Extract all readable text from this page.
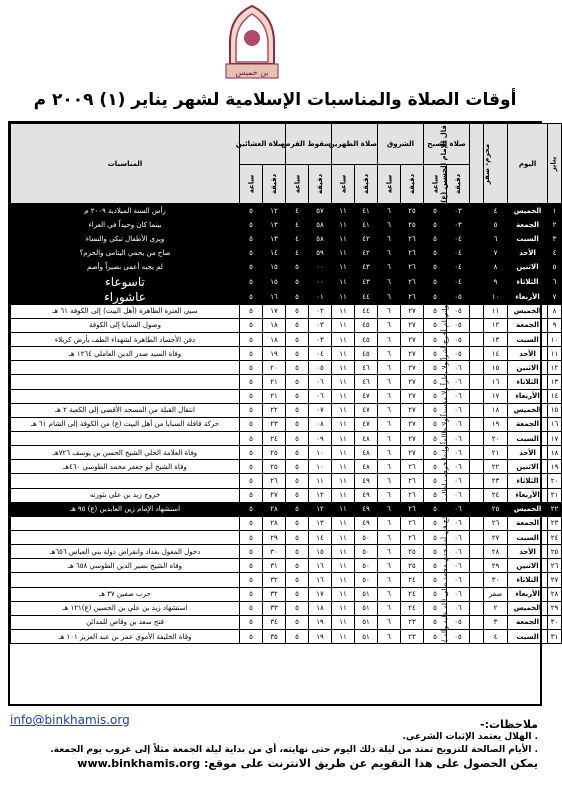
بن خميس
أوقات الصلاة والمناسبات الإسلامية لشهر يناير (١) ٢٠٠٩ م
يناير	اليوم	محرم- صفر	قال الإمام الحسين (ع)	صلاة الصبح		الشروق		صلاة الظهرين		سقوط القرص		صلاة العشائين		المناسبات
				دقيقة	ساعة	دقيقة	ساعة	دقيقة	ساعة	دقيقة	ساعة	دقيقة	ساعة	
١	الخميس	٤		٠٣	٥	٢٥	٦	٤١	١١	٥٧	٤	١٢	٥	رأس السنة الميلادية ٢٠٠٩ م
٢	الجمعة	٥		٠٣	٥	٢٥	٦	٤١	١١	٥٨	٤	١٣	٥	بينما كان وحيداً في العراء
٣	السبت	٦		٠٤	٥	٢٦	٦	٤٢	١١	٥٨	٤	١٣	٥	ويرى الأطفال تبكي والنساء
٤	الأحد	٧		٠٤	٥	٢٦	٦	٤٢	١١	٥٩	٤	١٤	٥	صاح من يحمي اليتامى والحرم؟
٥	الاثنين	٨		٠٤	٥	٢٦	٦	٤٣	١١	٠٠	٥	١٥	٥	لم يجبه أعمى بصيراً وأصم
٦	الثلاثاء	٩		٠٤	٥	٢٦	٦	٤٣	١١	٠٠	٥	١٥	٥	تاسوعاء
٧	الأربعاء	١٠		٠٥	٥	٢٦	٦	٤٤	١١	٠١	٥	١٦	٥	عاشوراء
٨	الخميس	١١		٠٥	٥	٢٧	٦	٤٤	١١	٠٢	٥	١٧	٥	سبي العترة الطاهرة (أهل البيت) إلى الكوفة ٦١ هـ
٩	الجمعة	١٢		٠٥	٥	٢٧	٦	٤٥	١١	٠٣	٥	١٨	٥	وصول السبايا إلى الكوفة
١٠	السبت	١٣		٠٥	٥	٢٧	٦	٤٥	١١	٠٣	٥	١٨	٥	دفن الأجساد الطاهرة لشهداء الطف بأرض كربلاء
١١	الأحد	١٤		٠٥	٥	٢٧	٦	٤٥	١١	٠٤	٥	١٩	٥	وفاة السيد صدر الدين العاملي ١٢٦٤ هـ
١٢	الاثنين	١٥		٠٦	٥	٢٧	٦	٤٦	١١	٠٥	٥	٢٠	٥	
١٣	الثلاثاء	١٦		٠٦	٥	٢٧	٦	٤٦	١١	٠٦	٥	٢١	٥	
١٤	الأربعاء	١٧		٠٦	٥	٢٧	٦	٤٧	١١	٠٦	٥	٢١	٥	
١٥	الخميس	١٨		٠٦	٥	٢٧	٦	٤٧	١١	٠٧	٥	٢٢	٥	انتقال القبلة من المسجد الأقصى إلى الكعبة ٢ هـ
١٦	الجمعة	١٩		٠٦	٥	٢٧	٦	٤٧	١١	٠٨	٥	٢٣	٥	حركة قافلة السبايا من أهل البيت (ع) من الكوفة إلى الشام ٦١ هـ
١٧	السبت	٢٠		٠٦	٥	٢٧	٦	٤٨	١١	٠٩	٥	٢٤	٥	
١٨	الأحد	٢١		٠٦	٥	٢٧	٦	٤٨	١١	١٠	٥	٢٥	٥	وفاة العلامة الحلي الشيخ الحسن بن يوسف ٧٢٦هـ
١٩	الاثنين	٢٢		٠٦	٥	٢٦	٦	٤٨	١١	١٠	٥	٢٥	٥	وفاة الشيخ أبو جعفر محمد الطوسي ٤٦٠هـ
٢٠	الثلاثاء	٢٣		٠٦	٥	٢٦	٦	٤٩	١١	١١	٥	٢٦	٥	
٢١	الأربعاء	٢٤		٠٦	٥	٢٦	٦	٤٩	١١	١٢	٥	٢٧	٥	خروج زيد بن علي بثورته
٢٢	الخميس	٢٥		٠٦	٥	٢٦	٦	٤٩	١١	١٢	٥	٢٨	٥	استشهاد الإمام زين العابدين (ع) ٩٥ هـ
٢٣	الجمعة	٢٦		٠٦	٥	٢٦	٦	٤٩	١١	١٣	٥	٢٨	٥	
٢٤	السبت	٢٧		٠٦	٥	٢٦	٦	٥٠	١١	١٤	٥	٢٩	٥	
٢٥	الأحد	٢٨		٠٦	٥	٢٥	٦	٥٠	١١	١٥	٥	٣٠	٥	دخول المغول بغداد وانقراض دولة بني العباس ٦٥٦هـ
٢٦	الاثنين	٢٩		٠٦	٥	٢٥	٦	٥٠	١١	١٦	٥	٣١	٥	وفاة الشيخ نصير الدين الطوسي ٦٥٨ هـ
٢٧	الثلاثاء	٣٠		٠٦	٥	٢٤	٦	٥٠	١١	١٦	٥	٣٢	٥	
٢٨	الأربعاء	صفر		٠٦	٥	٢٤	٦	٥١	١١	١٧	٥	٣٢	٥	حرب صفين ٣٧ هـ
٢٩	الخميس	٢		٠٦	٥	٢٤	٦	٥١	١١	١٨	٥	٣٣	٥	استشهاد زيد بن علي بن الحسين (ع)١٢١ هـ
٣٠	الجمعة	٣		٠٥	٥	٢٣	٦	٥١	١١	١٩	٥	٣٤	٥	فتح سعد بن وقاص للمدائن
٣١	السبت	٤		٠٥	٥	٢٣	٦	٥١	١١	١٩	٥	٣٥	٥	وفاة الخليفة الأموي عمر بن عبد العزيز ١٠١ هـ	( وإني لم أخرج أشراً ولا بطراً ولا مفسداً ولا ظالماً وإنما خرجت لطلب الإصلاح في أمة جدي محمد صلى الله عليه وآله )
info@binkhamis.org	ملاحظات:-
. الهلال يعتمد الإثبات الشرعي.
. الأيام الصالحة للتزويج تمتد من ليلة ذلك اليوم حتى نهايته، أي من بداية ليلة الجمعة مثلاً إلى غروب يوم الجمعة.
يمكن الحصول على هذا التقويم عن طريق الانترنت على موقع: www.binkhamis.org
